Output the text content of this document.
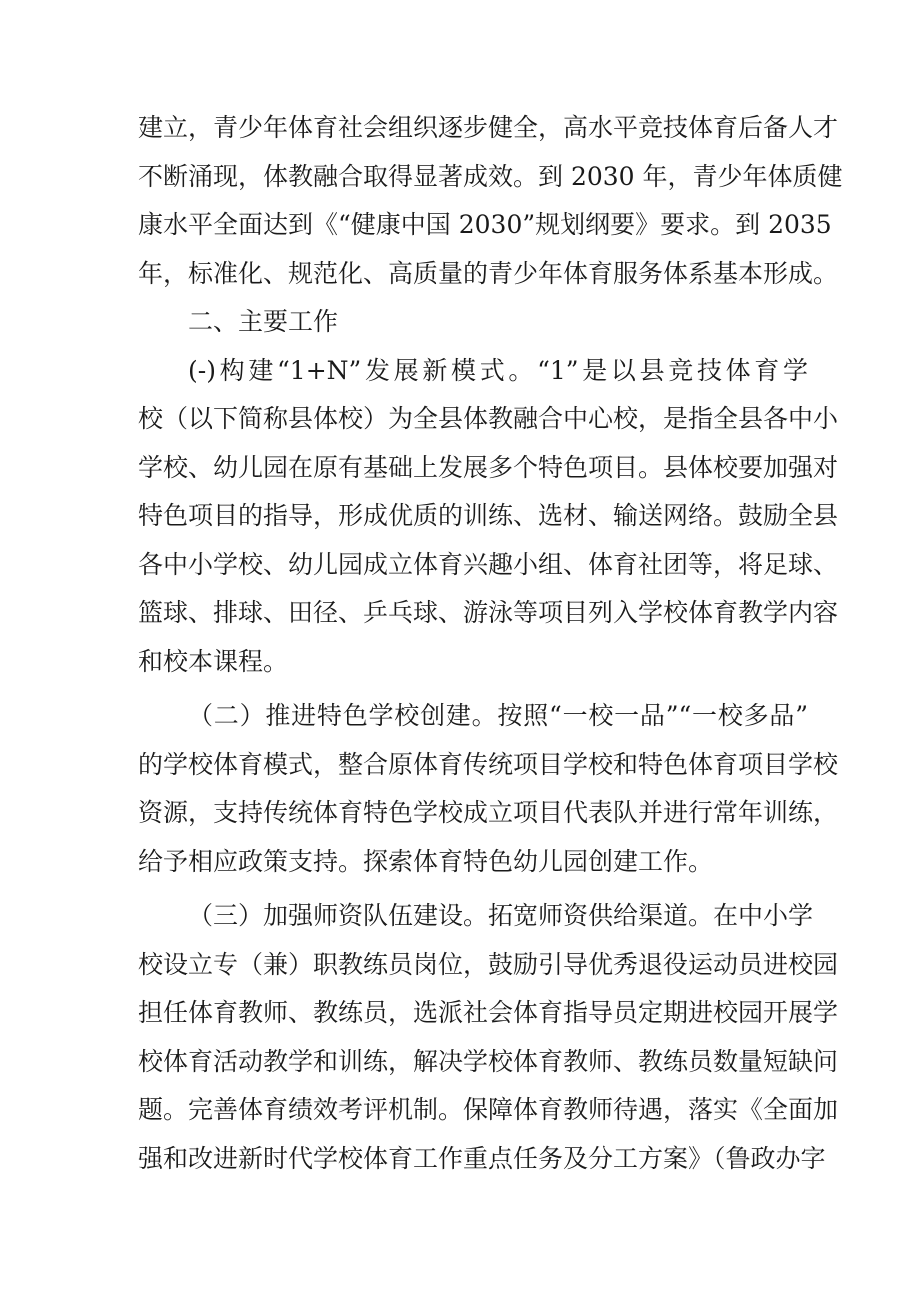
建立，青少年体育社会组织逐步健全，高水平竞技体育后备人才
不断涌现，体教融合取得显著成效。到 2030 年，青少年体质健
康水平全面达到《“健康中国 2030”规划纲要》要求。到 2035
年，标准化、规范化、高质量的青少年体育服务体系基本形成。
二、主要工作
(-)构建“1+N”发展新模式。“1”是以县竞技体育学
校（以下简称县体校）为全县体教融合中心校，是指全县各中小
学校、幼儿园在原有基础上发展多个特色项目。县体校要加强对
特色项目的指导，形成优质的训练、选材、输送网络。鼓励全县
各中小学校、幼儿园成立体育兴趣小组、体育社团等，将足球、
篮球、排球、田径、乒乓球、游泳等项目列入学校体育教学内容
和校本课程。
（二）推进特色学校创建。按照“一校一品”“一校多品”
的学校体育模式，整合原体育传统项目学校和特色体育项目学校
资源，支持传统体育特色学校成立项目代表队并进行常年训练，
给予相应政策支持。探索体育特色幼儿园创建工作。
（三）加强师资队伍建设。拓宽师资供给渠道。在中小学
校设立专（兼）职教练员岗位，鼓励引导优秀退役运动员进校园
担任体育教师、教练员，选派社会体育指导员定期进校园开展学
校体育活动教学和训练，解决学校体育教师、教练员数量短缺问
题。完善体育绩效考评机制。保障体育教师待遇，落实《全面加
强和改进新时代学校体育工作重点任务及分工方案》（鲁政办字
